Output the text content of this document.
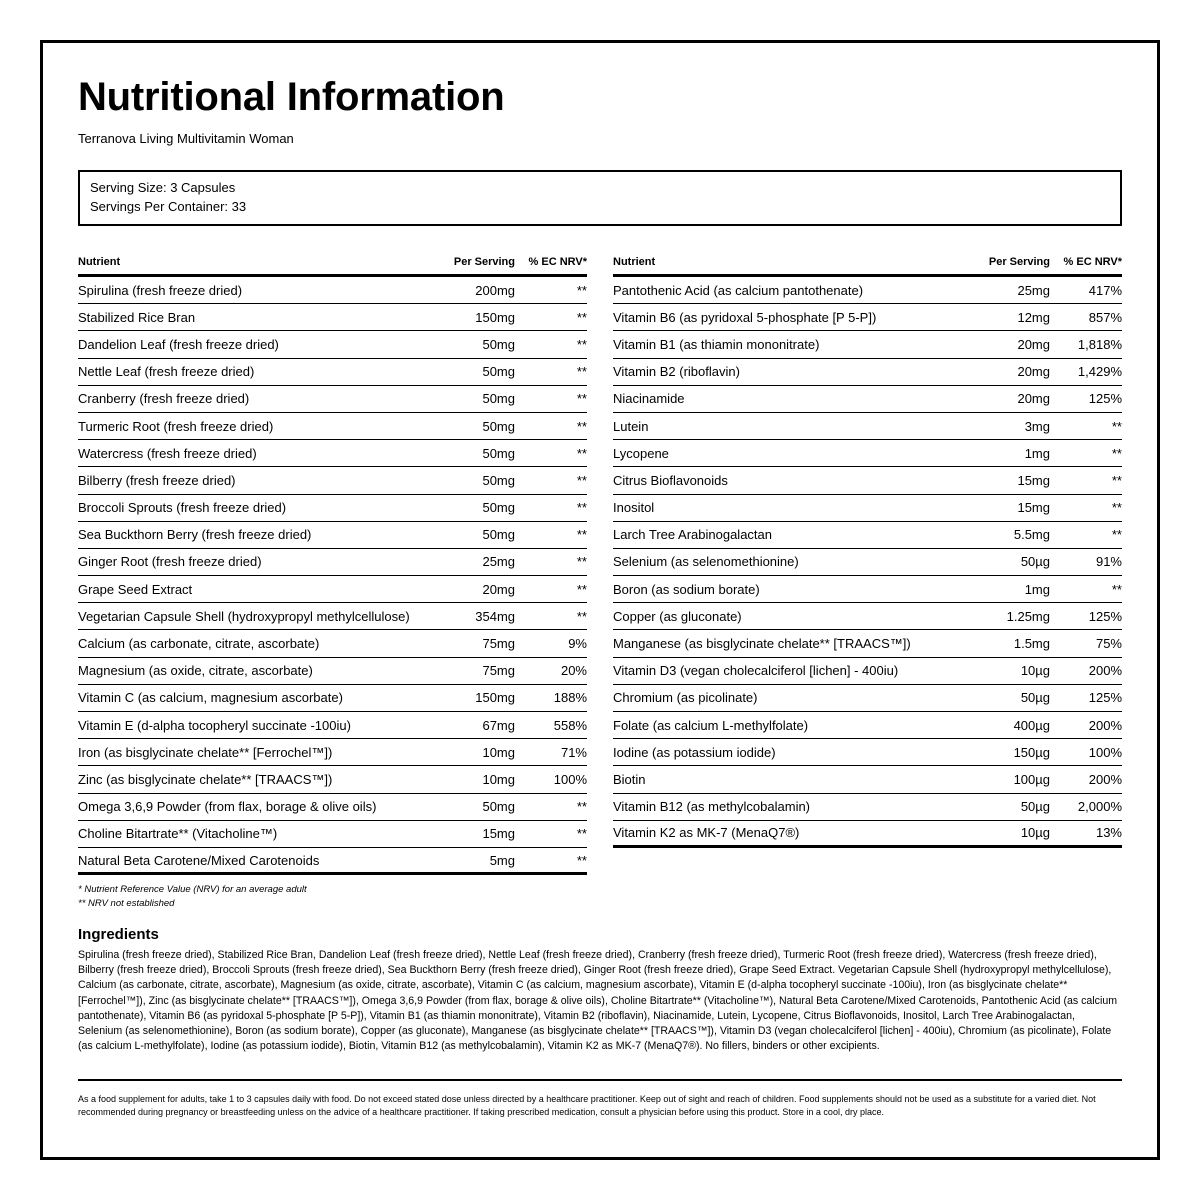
Nutritional Information
Terranova Living Multivitamin Woman
Serving Size: 3 Capsules
Servings Per Container: 33
Nutrient	Per Serving	% EC NRV*
Spirulina (fresh freeze dried)	200mg	**
Stabilized Rice Bran	150mg	**
Dandelion Leaf (fresh freeze dried)	50mg	**
Nettle Leaf (fresh freeze dried)	50mg	**
Cranberry (fresh freeze dried)	50mg	**
Turmeric Root (fresh freeze dried)	50mg	**
Watercress (fresh freeze dried)	50mg	**
Bilberry (fresh freeze dried)	50mg	**
Broccoli Sprouts (fresh freeze dried)	50mg	**
Sea Buckthorn Berry (fresh freeze dried)	50mg	**
Ginger Root (fresh freeze dried)	25mg	**
Grape Seed Extract	20mg	**
Vegetarian Capsule Shell (hydroxypropyl methylcellulose)	354mg	**
Calcium (as carbonate, citrate, ascorbate)	75mg	9%
Magnesium (as oxide, citrate, ascorbate)	75mg	20%
Vitamin C (as calcium, magnesium ascorbate)	150mg	188%
Vitamin E (d-alpha tocopheryl succinate -100iu)	67mg	558%
Iron (as bisglycinate chelate** [Ferrochel™])	10mg	71%
Zinc (as bisglycinate chelate** [TRAACS™])	10mg	100%
Omega 3,6,9 Powder (from flax, borage & olive oils)	50mg	**
Choline Bitartrate** (Vitacholine™)	15mg	**
Natural Beta Carotene/Mixed Carotenoids	5mg	**
Nutrient	Per Serving	% EC NRV*
Pantothenic Acid (as calcium pantothenate)	25mg	417%
Vitamin B6 (as pyridoxal 5-phosphate [P 5-P])	12mg	857%
Vitamin B1 (as thiamin mononitrate)	20mg	1,818%
Vitamin B2 (riboflavin)	20mg	1,429%
Niacinamide	20mg	125%
Lutein	3mg	**
Lycopene	1mg	**
Citrus Bioflavonoids	15mg	**
Inositol	15mg	**
Larch Tree Arabinogalactan	5.5mg	**
Selenium (as selenomethionine)	50µg	91%
Boron (as sodium borate)	1mg	**
Copper (as gluconate)	1.25mg	125%
Manganese (as bisglycinate chelate** [TRAACS™])	1.5mg	75%
Vitamin D3 (vegan cholecalciferol [lichen] - 400iu)	10µg	200%
Chromium (as picolinate)	50µg	125%
Folate (as calcium L-methylfolate)	400µg	200%
Iodine (as potassium iodide)	150µg	100%
Biotin	100µg	200%
Vitamin B12 (as methylcobalamin)	50µg	2,000%
Vitamin K2 as MK-7 (MenaQ7®)	10µg	13%
* Nutrient Reference Value (NRV) for an average adult
** NRV not established
Ingredients

Spirulina (fresh freeze dried), Stabilized Rice Bran, Dandelion Leaf (fresh freeze dried), Nettle Leaf (fresh freeze dried), Cranberry (fresh freeze dried), Turmeric Root (fresh freeze dried), Watercress (fresh freeze dried), Bilberry (fresh freeze dried), Broccoli Sprouts (fresh freeze dried), Sea Buckthorn Berry (fresh freeze dried), Ginger Root (fresh freeze dried), Grape Seed Extract. Vegetarian Capsule Shell (hydroxypropyl methylcellulose), Calcium (as carbonate, citrate, ascorbate), Magnesium (as oxide, citrate, ascorbate), Vitamin C (as calcium, magnesium ascorbate), Vitamin E (d-alpha tocopheryl succinate -100iu), Iron (as bisglycinate chelate** [Ferrochel™]), Zinc (as bisglycinate chelate** [TRAACS™]), Omega 3,6,9 Powder (from flax, borage & olive oils), Choline Bitartrate** (Vitacholine™), Natural Beta Carotene/Mixed Carotenoids, Pantothenic Acid (as calcium pantothenate), Vitamin B6 (as pyridoxal 5-phosphate [P 5-P]), Vitamin B1 (as thiamin mononitrate), Vitamin B2 (riboflavin), Niacinamide, Lutein, Lycopene, Citrus Bioflavonoids, Inositol, Larch Tree Arabinogalactan, Selenium (as selenomethionine), Boron (as sodium borate), Copper (as gluconate), Manganese (as bisglycinate chelate** [TRAACS™]), Vitamin D3 (vegan cholecalciferol [lichen] - 400iu), Chromium (as picolinate), Folate (as calcium L-methylfolate), Iodine (as potassium iodide), Biotin, Vitamin B12 (as methylcobalamin), Vitamin K2 as MK-7 (MenaQ7®). No fillers, binders or other excipients.

As a food supplement for adults, take 1 to 3 capsules daily with food. Do not exceed stated dose unless directed by a healthcare practitioner. Keep out of sight and reach of children. Food supplements should not be used as a substitute for a varied diet. Not recommended during pregnancy or breastfeeding unless on the advice of a healthcare practitioner. If taking prescribed medication, consult a physician before using this product. Store in a cool, dry place.
